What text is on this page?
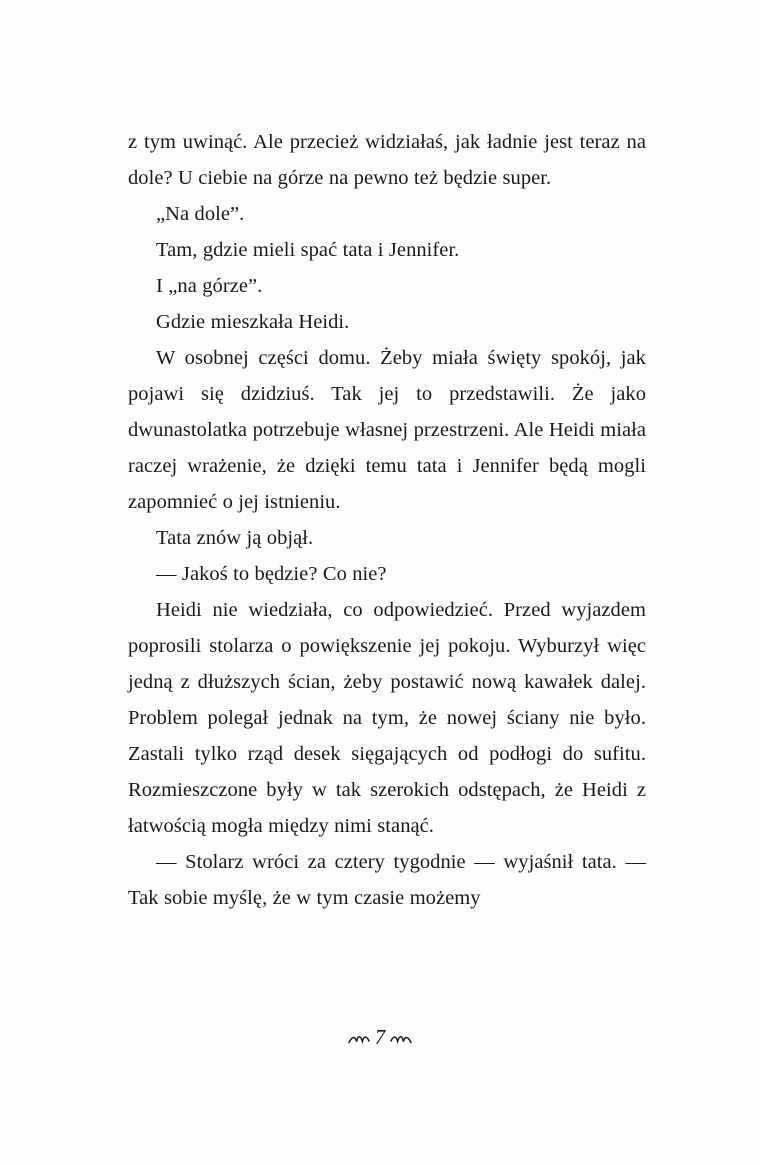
z tym uwinąć. Ale przecież widziałaś, jak ładnie jest teraz na dole? U ciebie na górze na pewno też będzie super.

„Na dole”.

Tam, gdzie mieli spać tata i Jennifer.

I „na górze”.

Gdzie mieszkała Heidi.

W osobnej części domu. Żeby miała święty spokój, jak pojawi się dzidziuś. Tak jej to przedstawili. Że jako dwunastolatka potrzebuje własnej przestrzeni. Ale Heidi miała raczej wrażenie, że dzięki temu tata i Jennifer będą mogli zapomnieć o jej istnieniu.

Tata znów ją objął.

— Jakoś to będzie? Co nie?

Heidi nie wiedziała, co odpowiedzieć. Przed wyjazdem poprosili stolarza o powiększenie jej pokoju. Wyburzył więc jedną z dłuższych ścian, żeby postawić nową kawałek dalej. Problem polegał jednak na tym, że nowej ściany nie było. Zastali tylko rząd desek sięgających od podłogi do sufitu. Rozmieszczone były w tak szerokich odstępach, że Heidi z łatwością mogła między nimi stanąć.

— Stolarz wróci za cztery tygodnie — wyjaśnił tata. — Tak sobie myślę, że w tym czasie możemy

7
